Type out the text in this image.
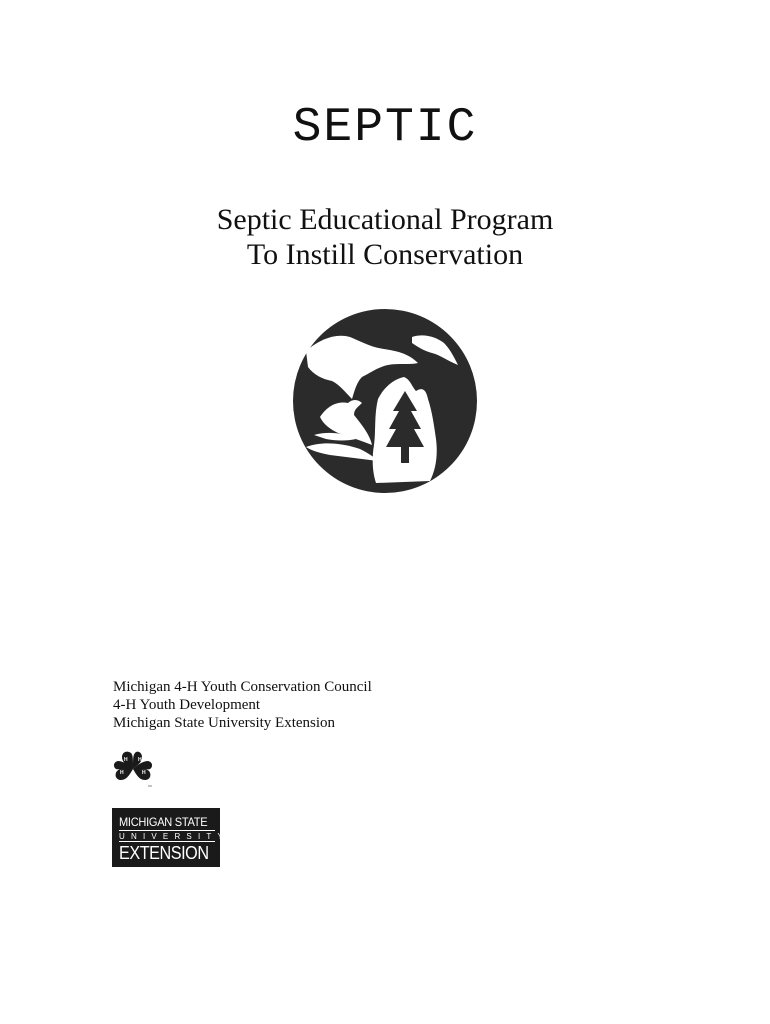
SEPTIC
Septic Educational Program
To Instill Conservation
Michigan 4-H Youth Conservation Council
4-H Youth Development
Michigan State University Extension
H H
H	H
MICHIGAN STATE
UNIVERSITY
EXTENSION
